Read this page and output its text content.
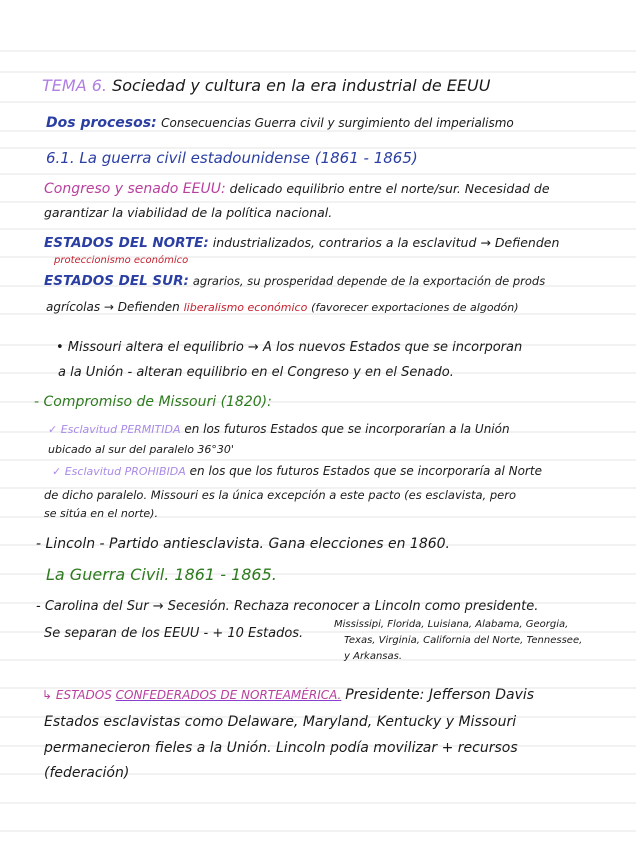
TEMA 6. Sociedad y cultura en la era industrial de EEUU
Dos procesos: Consecuencias Guerra civil y surgimiento del imperialismo
6.1. La guerra civil estadounidense (1861 - 1865)
Congreso y senado EEUU: delicado equilibrio entre el norte/sur. Necesidad de
garantizar la viabilidad de la política nacional.
ESTADOS DEL NORTE: industrializados, contrarios a la esclavitud → Defienden
proteccionismo económico
ESTADOS DEL SUR: agrarios, su prosperidad depende de la exportación de prods
agrícolas → Defienden liberalismo económico (favorecer exportaciones de algodón)
• Missouri altera el equilibrio → A los nuevos Estados que se incorporan
a la Unión - alteran equilibrio en el Congreso y en el Senado.
- Compromiso de Missouri (1820):
✓ Esclavitud PERMITIDA en los futuros Estados que se incorporarían a la Unión
ubicado al sur del paralelo 36°30'
✓ Esclavitud PROHIBIDA en los que los futuros Estados que se incorporaría al Norte
de dicho paralelo. Missouri es la única excepción a este pacto (es esclavista, pero
se sitúa en el norte).
- Lincoln - Partido antiesclavista. Gana elecciones en 1860.
La Guerra Civil. 1861 - 1865.
- Carolina del Sur → Secesión. Rechaza reconocer a Lincoln como presidente.
Se separan de los EEUU - + 10 Estados.
Mississipi, Florida, Luisiana, Alabama, Georgia,
Texas, Virginia, California del Norte, Tennessee,
y Arkansas.
↳ ESTADOS CONFEDERADOS DE NORTEAMÉRICA. Presidente: Jefferson Davis
Estados esclavistas como Delaware, Maryland, Kentucky y Missouri
permanecieron fieles a la Unión. Lincoln podía movilizar + recursos
(federación)
